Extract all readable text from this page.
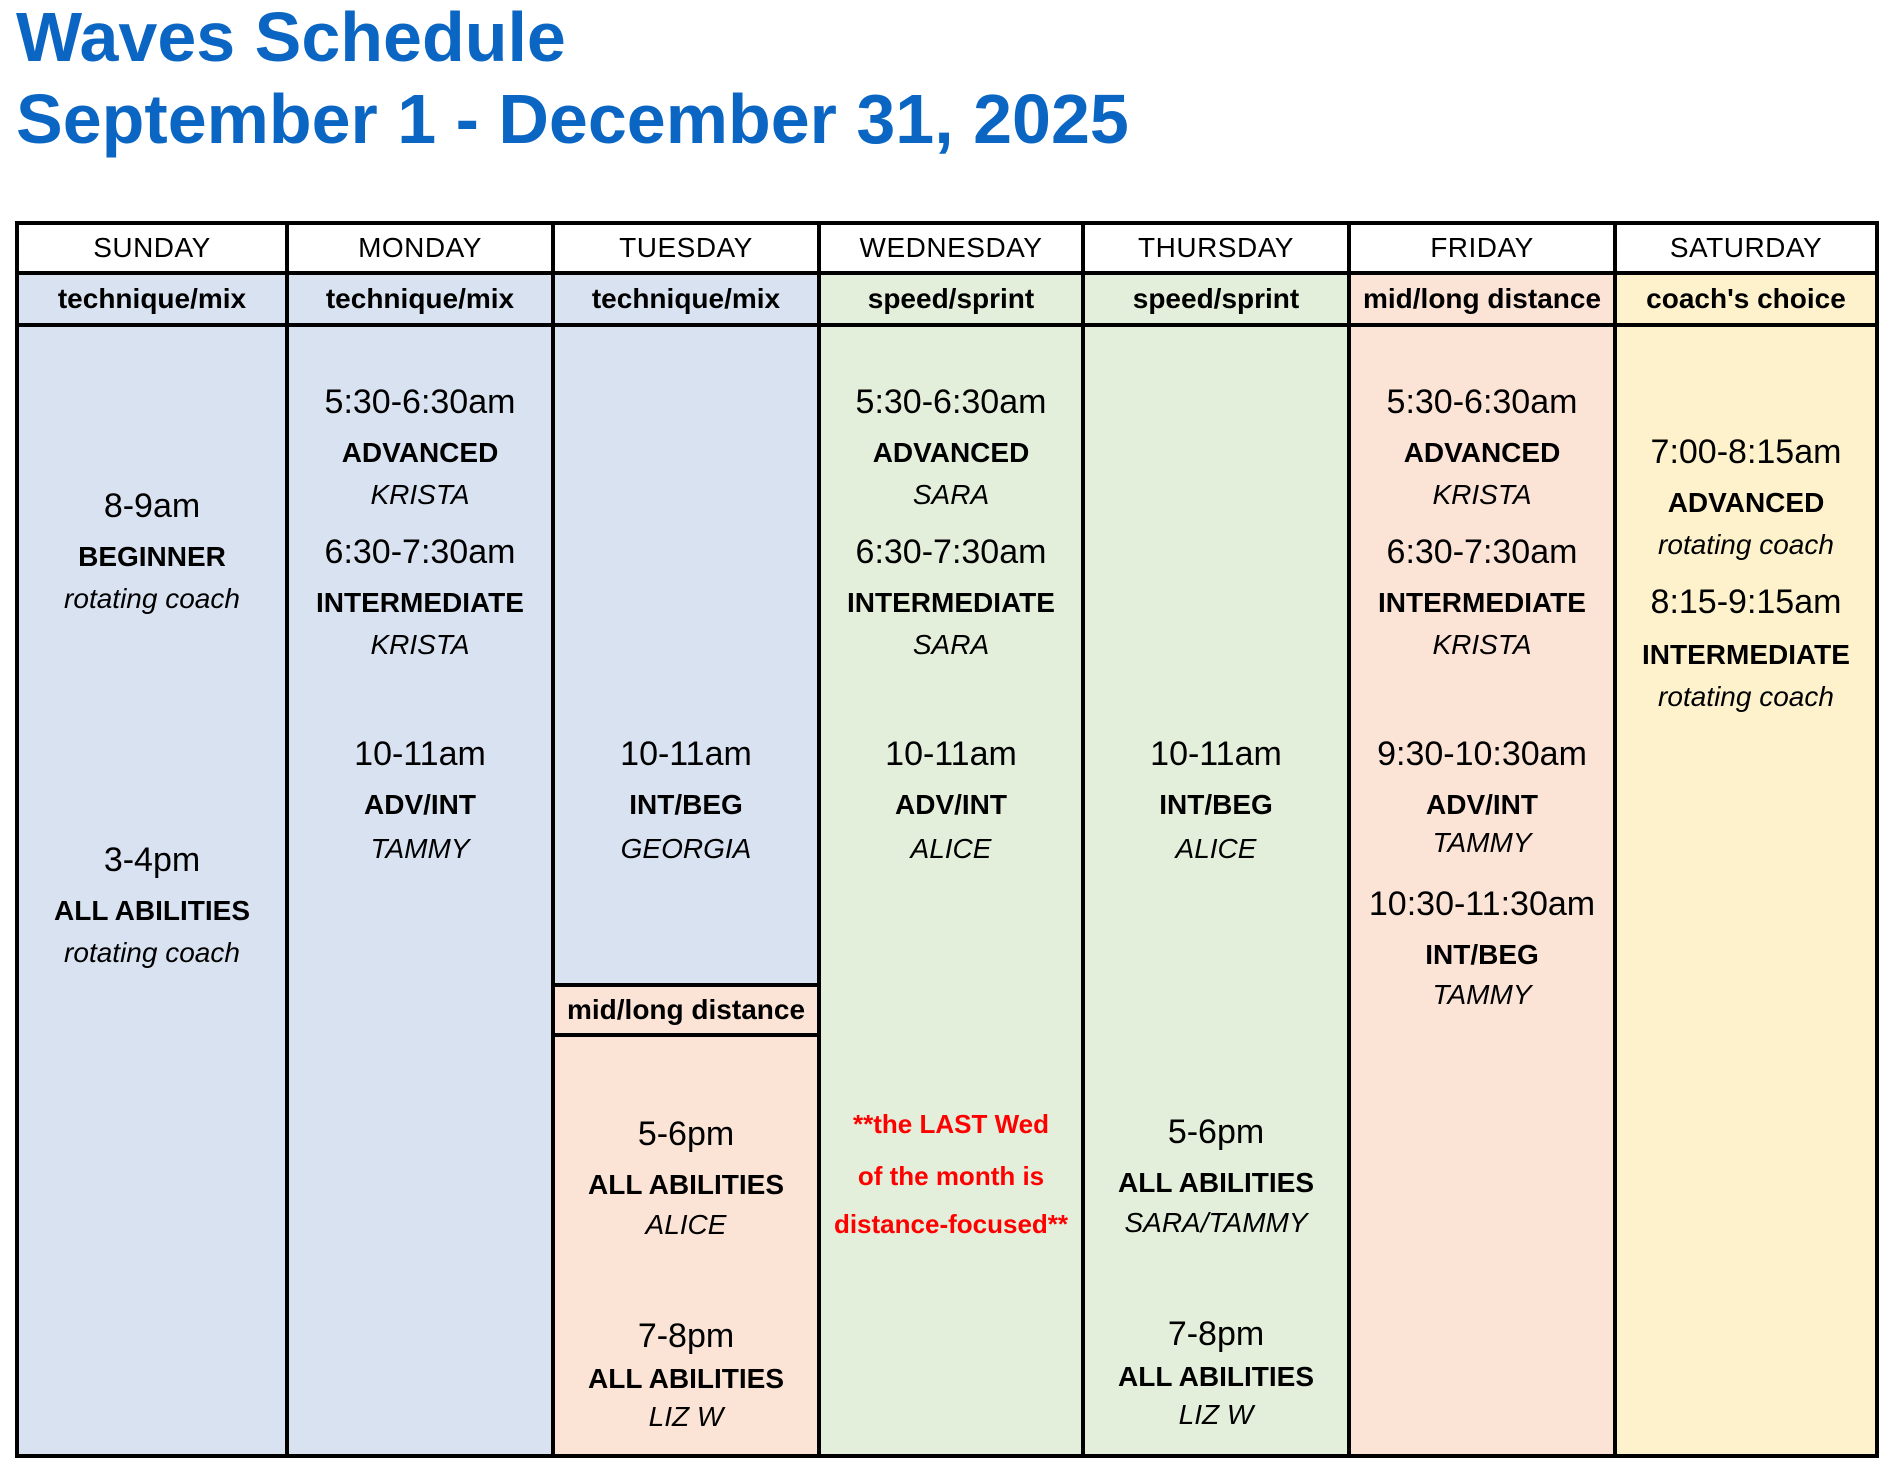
Waves Schedule
September 1 - December 31, 2025
SUNDAY
technique/mix
8-9am
BEGINNER
rotating coach
3-4pm
ALL ABILITIES
rotating coach
MONDAY
technique/mix
5:30-6:30am
ADVANCED
KRISTA
6:30-7:30am
INTERMEDIATE
KRISTA
10-11am
ADV/INT
TAMMY
TUESDAY
technique/mix
10-11am
INT/BEG
GEORGIA
mid/long distance
5-6pm
ALL ABILITIES
ALICE
7-8pm
ALL ABILITIES
LIZ W
WEDNESDAY
speed/sprint
5:30-6:30am
ADVANCED
SARA
6:30-7:30am
INTERMEDIATE
SARA
10-11am
ADV/INT
ALICE
**the LAST Wed
of the month is
distance-focused**
THURSDAY
speed/sprint
10-11am
INT/BEG
ALICE
5-6pm
ALL ABILITIES
SARA/TAMMY
7-8pm
ALL ABILITIES
LIZ W
FRIDAY
mid/long distance
5:30-6:30am
ADVANCED
KRISTA
6:30-7:30am
INTERMEDIATE
KRISTA
9:30-10:30am
ADV/INT
TAMMY
10:30-11:30am
INT/BEG
TAMMY
SATURDAY
coach's choice
7:00-8:15am
ADVANCED
rotating coach
8:15-9:15am
INTERMEDIATE
rotating coach
